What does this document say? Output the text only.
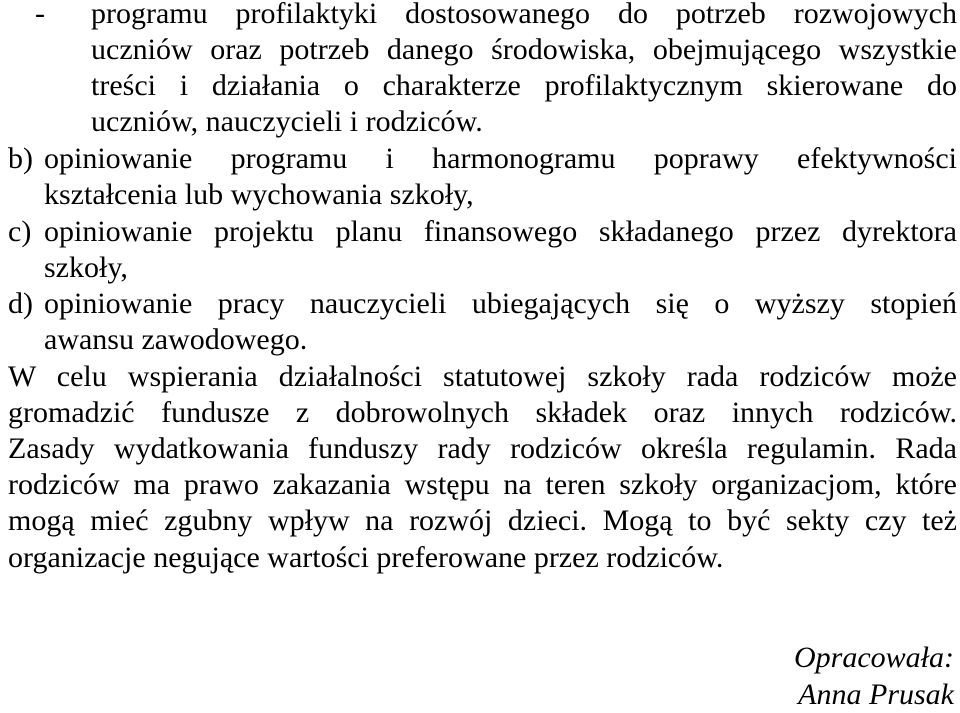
- programu profilaktyki dostosowanego do potrzeb rozwojowych
uczniów oraz potrzeb danego środowiska, obejmującego wszystkie
treści i działania o charakterze profilaktycznym skierowane do
uczniów, nauczycieli i rodziców.
b) opiniowanie programu i harmonogramu poprawy efektywności
kształcenia lub wychowania szkoły,
c) opiniowanie projektu planu finansowego składanego przez dyrektora
szkoły,
d) opiniowanie pracy nauczycieli ubiegających się o wyższy stopień
awansu zawodowego.
W celu wspierania działalności statutowej szkoły rada rodziców może
gromadzić fundusze z dobrowolnych składek oraz innych rodziców.
Zasady wydatkowania funduszy rady rodziców określa regulamin. Rada
rodziców ma prawo zakazania wstępu na teren szkoły organizacjom, które
mogą mieć zgubny wpływ na rozwój dzieci. Mogą to być sekty czy też
organizacje negujące wartości preferowane przez rodziców.
Opracowała:
Anna Prusak
